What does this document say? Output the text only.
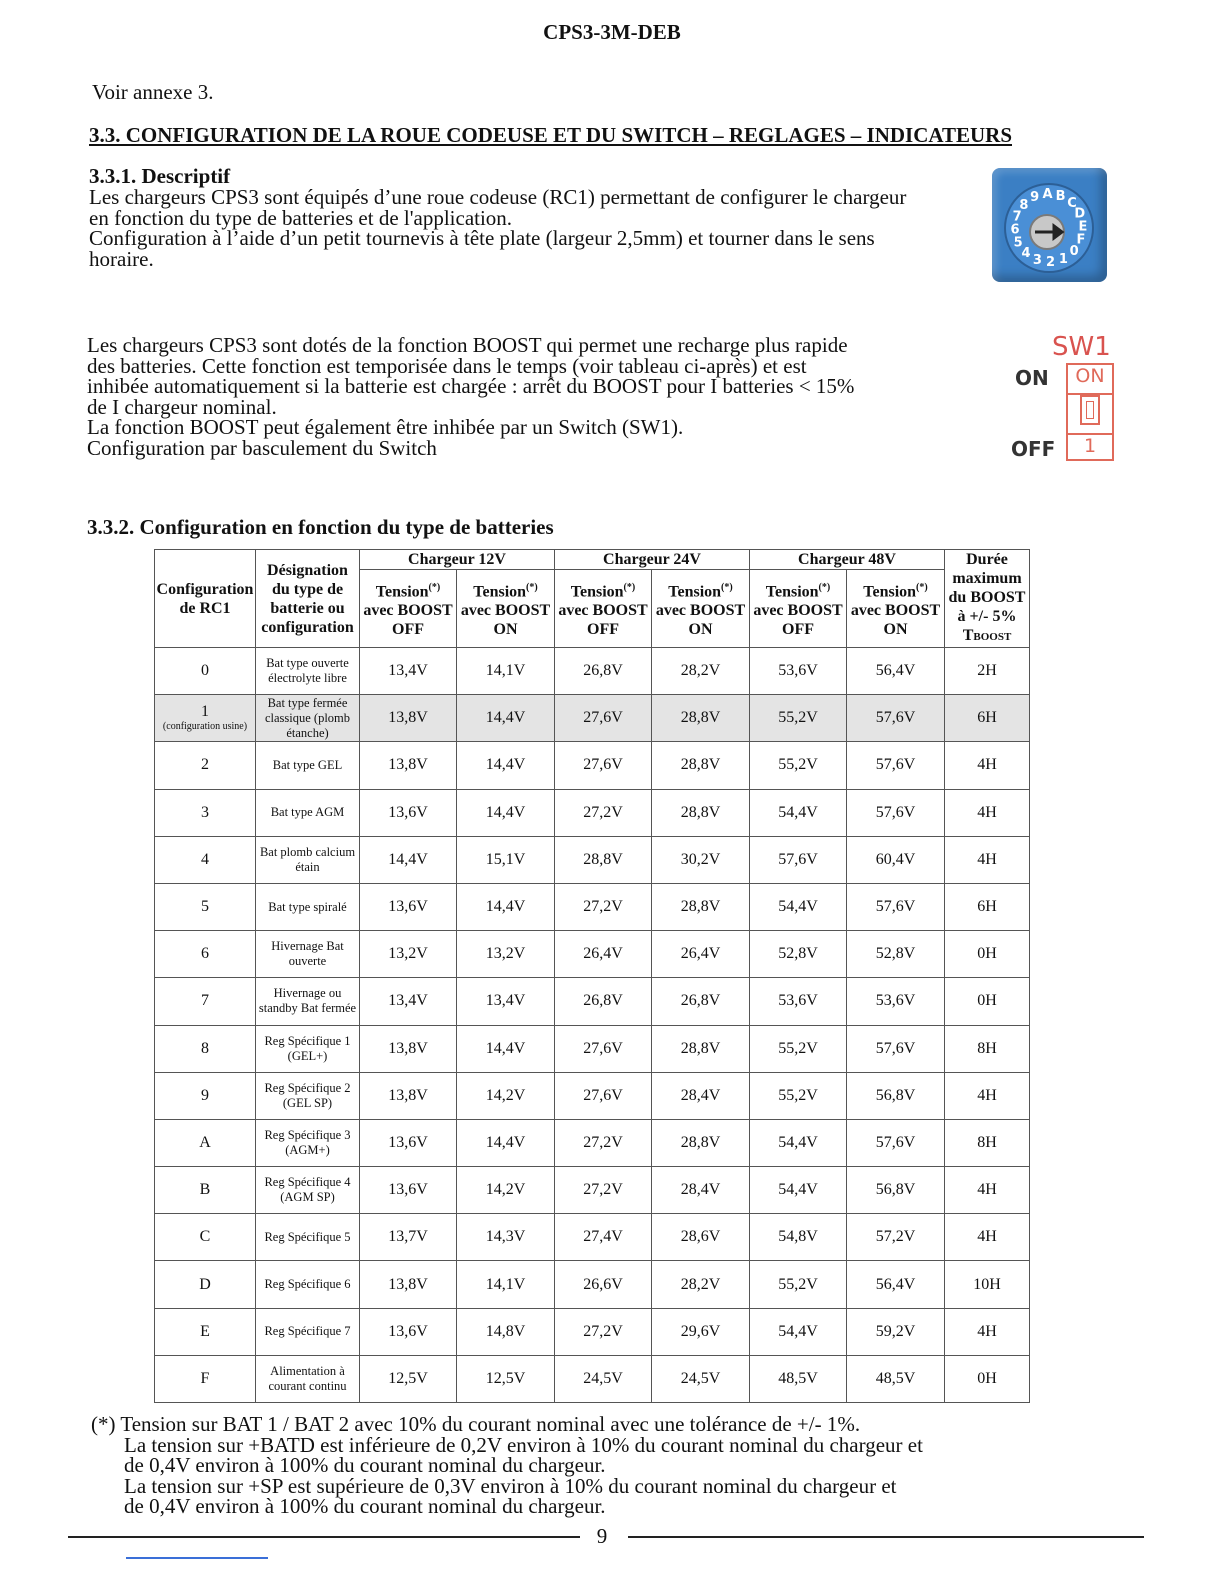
CPS3-3M-DEB
Voir annexe 3.
3.3. CONFIGURATION DE LA ROUE CODEUSE ET DU SWITCH – REGLAGES – INDICATEURS
3.3.1. Descriptif
Les chargeurs CPS3 sont équipés d’une roue codeuse (RC1) permettant de configurer le chargeur
en fonction du type de batteries et de l'application.
Configuration à l’aide d’un petit tournevis à tête plate (largeur 2,5mm) et tourner dans le sens
horaire.
7
8
9 A B C
D
E
F
0
1
2
3
4
5
6
Les chargeurs CPS3 sont dotés de la fonction BOOST qui permet une recharge plus rapide
des batteries. Cette fonction est temporisée dans le temps (voir tableau ci-après) et est
inhibée automatiquement si la batterie est chargée : arrêt du BOOST pour I batteries < 15%
de I chargeur nominal.
La fonction BOOST peut également être inhibée par un Switch (SW1).
Configuration par basculement du Switch
SW1
ON
OFF
ON
1
3.3.2. Configuration en fonction du type de batteries
Configuration
de RC1	Désignation
du type de
batterie ou
configuration	Chargeur 12V		Chargeur 24V		Chargeur 48V		Durée
maximum
du BOOST
à +/- 5%
TBOOST
		Tension(*)
avec BOOST
OFF	Tension(*)
avec BOOST
ON	Tension(*)
avec BOOST
OFF	Tension(*)
avec BOOST
ON	Tension(*)
avec BOOST
OFF	Tension(*)
avec BOOST
ON	
0	Bat type ouverte électrolyte libre	13,4V	14,1V	26,8V	28,2V	53,6V	56,4V	2H
1
(configuration usine)	Bat type fermée classique (plomb étanche)	13,8V	14,4V	27,6V	28,8V	55,2V	57,6V	6H
2	Bat type GEL	13,8V	14,4V	27,6V	28,8V	55,2V	57,6V	4H
3	Bat type AGM	13,6V	14,4V	27,2V	28,8V	54,4V	57,6V	4H
4	Bat plomb calcium étain	14,4V	15,1V	28,8V	30,2V	57,6V	60,4V	4H
5	Bat type spiralé	13,6V	14,4V	27,2V	28,8V	54,4V	57,6V	6H
6	Hivernage Bat ouverte	13,2V	13,2V	26,4V	26,4V	52,8V	52,8V	0H
7	Hivernage ou standby Bat fermée	13,4V	13,4V	26,8V	26,8V	53,6V	53,6V	0H
8	Reg Spécifique 1 (GEL+)	13,8V	14,4V	27,6V	28,8V	55,2V	57,6V	8H
9	Reg Spécifique 2 (GEL SP)	13,8V	14,2V	27,6V	28,4V	55,2V	56,8V	4H
A	Reg Spécifique 3 (AGM+)	13,6V	14,4V	27,2V	28,8V	54,4V	57,6V	8H
B	Reg Spécifique 4 (AGM SP)	13,6V	14,2V	27,2V	28,4V	54,4V	56,8V	4H
C	Reg Spécifique 5	13,7V	14,3V	27,4V	28,6V	54,8V	57,2V	4H
D	Reg Spécifique 6	13,8V	14,1V	26,6V	28,2V	55,2V	56,4V	10H
E	Reg Spécifique 7	13,6V	14,8V	27,2V	29,6V	54,4V	59,2V	4H
F	Alimentation à courant continu	12,5V	12,5V	24,5V	24,5V	48,5V	48,5V	0H
(*) Tension sur BAT 1 / BAT 2 avec 10% du courant nominal avec une tolérance de +/- 1%.
La tension sur +BATD est inférieure de 0,2V environ à 10% du courant nominal du chargeur et
de 0,4V environ à 100% du courant nominal du chargeur.
La tension sur +SP est supérieure de 0,3V environ à 10% du courant nominal du chargeur et
de 0,4V environ à 100% du courant nominal du chargeur.
9
